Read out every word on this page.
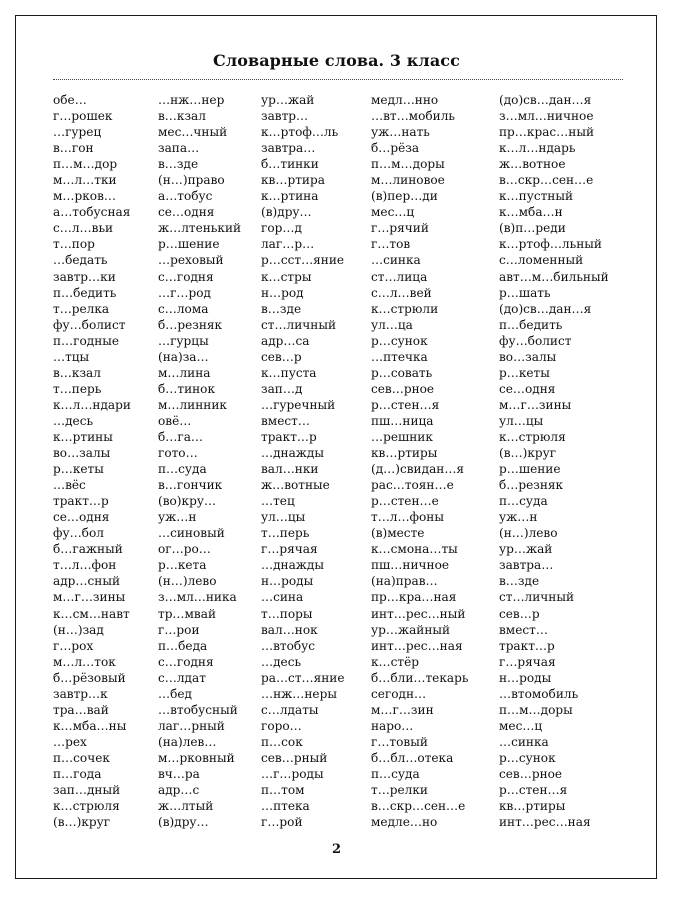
Словарные слова. 3 класс
обе…
г…рошек
…гурец
в…гон
п…м…дор
м…л…тки
м…рков…
а…тобусная
с…л…вьи
т…пор
…бедать
завтр…ки
п…бедить
т…релка
фу…болист
п…годные
…тцы
в…кзал
т…перь
к…л…ндари
…десь
к…ртины
во…залы
р…кеты
…вёс
тракт…р
се…одня
фу…бол
б…гажный
т…л…фон
адр…сный
м…г…зины
к…см…навт
(н…)зад
г…рох
м…л…ток
б…рёзовый
завтр…к
тра…вай
к…мба…ны
…рех
п…сочек
п…года
зап…дный
к…стрюля
(в…)круг
…нж…нер
в…кзал
мес…чный
запа…
в…зде
(н…)право
а…тобус
се…одня
ж…лтенький
р…шение
…реховый
с…годня
…г…род
с…лома
б…резняк
…гурцы
(на)за…
м…лина
б…тинок
м…линник
овё…
б…га…
гото…
п…суда
в…гончик
(во)кру…
уж…н
…синовый
ог…ро…
р…кета
(н…)лево
з…мл…ника
тр…мвай
г…рои
п…беда
с…годня
с…лдат
…бед
…втобусный
лаг…рный
(на)лев…
м…рковный
вч…ра
адр…с
ж…лтый
(в)дру…
ур…жай
завтр…
к…ртоф…ль
завтра…
б…тинки
кв…ртира
к…ртина
(в)дру…
гор…д
лаг…р…
р…сст…яние
к…стры
н…род
в…зде
ст…личный
адр…са
сев…р
к…пуста
зап…д
…гуречный
вмест…
тракт…р
…днажды
вал…нки
ж…вотные
…тец
ул…цы
т…перь
г…рячая
…днажды
н…роды
…сина
т…поры
вал…нок
…втобус
…десь
ра…ст…яние
…нж…неры
с…лдаты
горо…
п…сок
сев…рный
…г…роды
п…том
…птека
г…рой
медл…нно
…вт…мобиль
уж…нать
б…рёза
п…м…доры
м…линовое
(в)пер…ди
мес…ц
г…рячий
г…тов
…синка
ст…лица
с…л…вей
к…стрюли
ул…ца
р…сунок
…птечка
р…совать
сев…рное
р…стен…я
пш…ница
…решник
кв…ртиры
(д…)свидан…я
рас…тоян…е
р…стен…е
т…л…фоны
(в)месте
к…смона…ты
пш…ничное
(на)прав…
пр…кра…ная
инт…рес…ный
ур…жайный
инт…рес…ная
к…стёр
б…бли…текарь
сегодн…
м…г…зин
наро…
г…товый
б…бл…отека
п…суда
т…релки
в…скр…сен…е
медле…но
(до)св…дан…я
з…мл…ничное
пр…крас…ный
к…л…ндарь
ж…вотное
в…скр…сен…е
к…пустный
к…мба…н
(в)п…реди
к…ртоф…льный
с…ломенный
авт…м…бильный
р…шать
(до)св…дан…я
п…бедить
фу…болист
во…залы
р…кеты
се…одня
м…г…зины
ул…цы
к…стрюля
(в…)круг
р…шение
б…резняк
п…суда
уж…н
(н…)лево
ур…жай
завтра…
в…зде
ст…личный
сев…р
вмест…
тракт…р
г…рячая
н…роды
…втомобиль
п…м…доры
мес…ц
…синка
р…сунок
сев…рное
р…стен…я
кв…ртиры
инт…рес…ная
2
